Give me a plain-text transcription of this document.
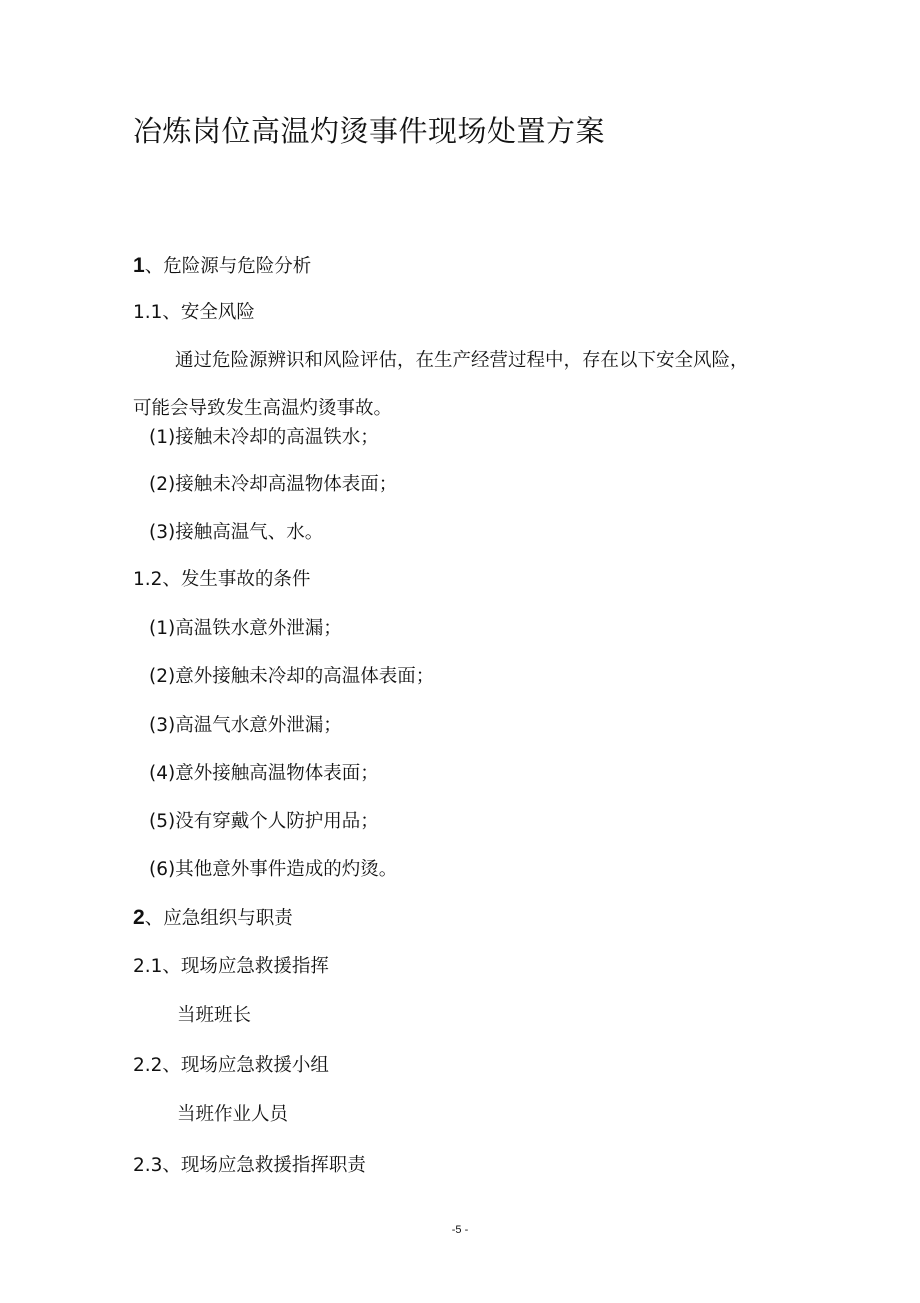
冶炼岗位高温灼烫事件现场处置方案
1、危险源与危险分析
1.1、安全风险
通过危险源辨识和风险评估，在生产经营过程中，存在以下安全风险，
可能会导致发生高温灼烫事故。
(1)接触未冷却的高温铁水；
(2)接触未冷却高温物体表面；
(3)接触高温气、水。
1.2、发生事故的条件
(1)高温铁水意外泄漏；
(2)意外接触未冷却的高温体表面；
(3)高温气水意外泄漏；
(4)意外接触高温物体表面；
(5)没有穿戴个人防护用品；
(6)其他意外事件造成的灼烫。
2、应急组织与职责
2.1、现场应急救援指挥
当班班长
2.2、现场应急救援小组
当班作业人员
2.3、现场应急救援指挥职责
-5 -
